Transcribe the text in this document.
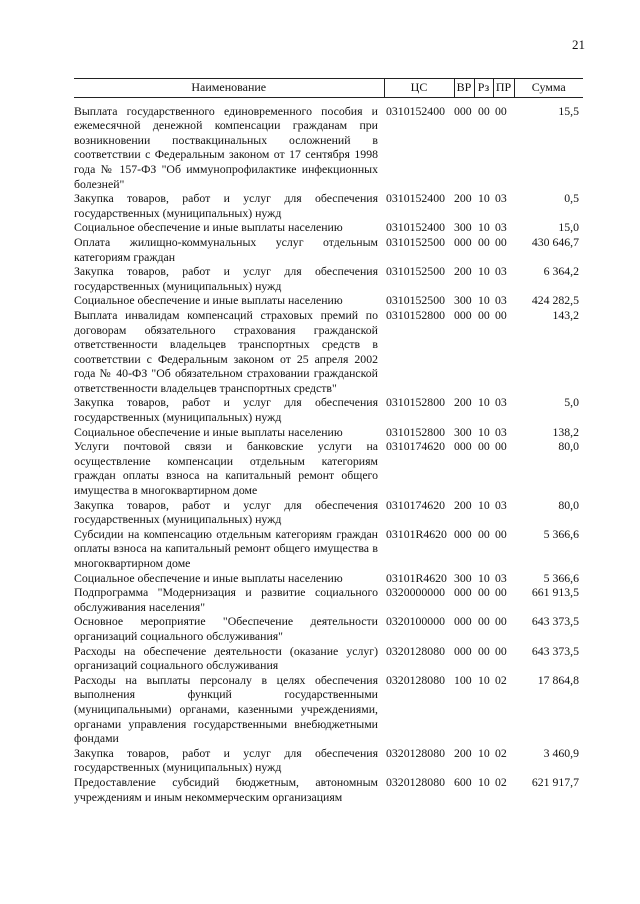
21
Наименование	ЦС	ВР	Рз	ПР	Сумма
Выплата государственного единовременного пособия и ежемесячной денежной компенсации гражданам при возникновении поствакцинальных осложнений в соответствии с Федеральным законом от 17 сентября 1998 года № 157-ФЗ "Об иммунопрофилактике инфекционных болезней"	0310152400	000	00	00	15,5
Закупка товаров, работ и услуг для обеспечения государственных (муниципальных) нужд	0310152400	200	10	03	0,5
Социальное обеспечение и иные выплаты населению	0310152400	300	10	03	15,0
Оплата жилищно-коммунальных услуг отдельным категориям граждан	0310152500	000	00	00	430 646,7
Закупка товаров, работ и услуг для обеспечения государственных (муниципальных) нужд	0310152500	200	10	03	6 364,2
Социальное обеспечение и иные выплаты населению	0310152500	300	10	03	424 282,5
Выплата инвалидам компенсаций страховых премий по договорам обязательного страхования гражданской ответственности владельцев транспортных средств в соответствии с Федеральным законом от 25 апреля 2002 года № 40-ФЗ "Об обязательном страховании гражданской ответственности владельцев транспортных средств"	0310152800	000	00	00	143,2
Закупка товаров, работ и услуг для обеспечения государственных (муниципальных) нужд	0310152800	200	10	03	5,0
Социальное обеспечение и иные выплаты населению	0310152800	300	10	03	138,2
Услуги почтовой связи и банковские услуги на осуществление компенсации отдельным категориям граждан оплаты взноса на капитальный ремонт общего имущества в многоквартирном доме	0310174620	000	00	00	80,0
Закупка товаров, работ и услуг для обеспечения государственных (муниципальных) нужд	0310174620	200	10	03	80,0
Субсидии на компенсацию отдельным категориям граждан оплаты взноса на капитальный ремонт общего имущества в многоквартирном доме	03101R4620	000	00	00	5 366,6
Социальное обеспечение и иные выплаты населению	03101R4620	300	10	03	5 366,6
Подпрограмма "Модернизация и развитие социального обслуживания населения"	0320000000	000	00	00	661 913,5
Основное мероприятие "Обеспечение деятельности организаций социального обслуживания"	0320100000	000	00	00	643 373,5
Расходы на обеспечение деятельности (оказание услуг) организаций социального обслуживания	0320128080	000	00	00	643 373,5
Расходы на выплаты персоналу в целях обеспечения выполнения функций государственными (муниципальными) органами, казенными учреждениями, органами управления государственными внебюджетными фондами	0320128080	100	10	02	17 864,8
Закупка товаров, работ и услуг для обеспечения государственных (муниципальных) нужд	0320128080	200	10	02	3 460,9
Предоставление субсидий бюджетным, автономным учреждениям и иным некоммерческим организациям	0320128080	600	10	02	621 917,7
